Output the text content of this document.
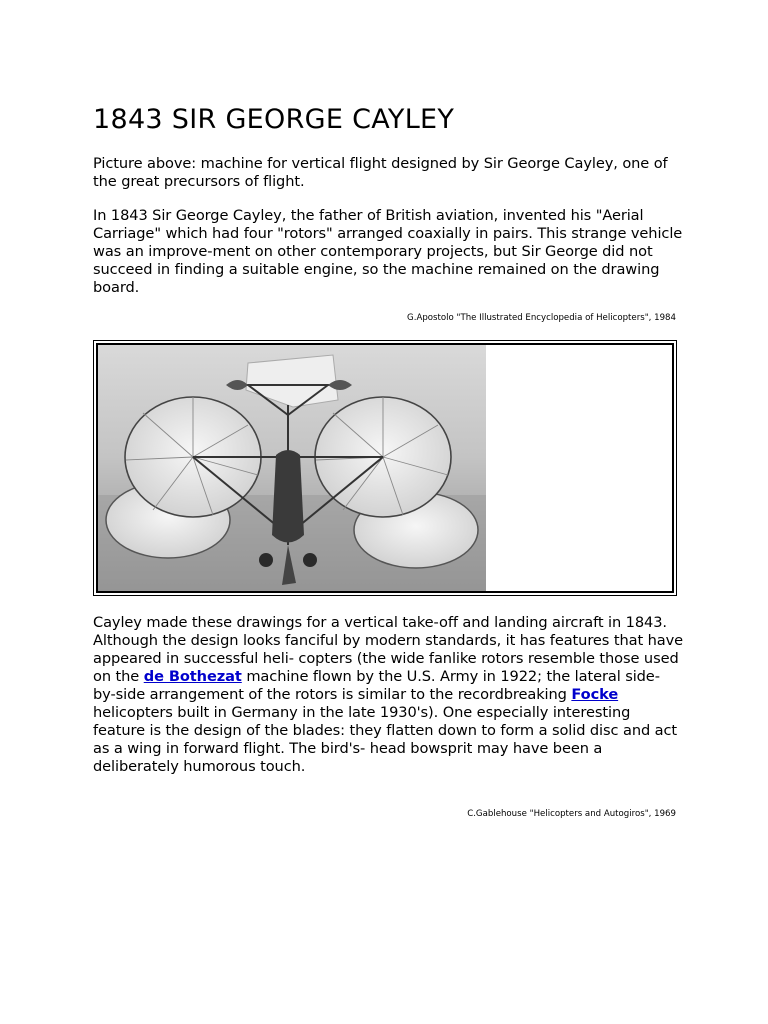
1843 SIR GEORGE CAYLEY

Picture above: machine for vertical flight designed by Sir George Cayley, one of the great precursors of flight.

In 1843 Sir George Cayley, the father of British aviation, invented his "Aerial Carriage" which had four "rotors" arranged coaxially in pairs. This strange vehicle was an improve-ment on other contemporary projects, but Sir George did not succeed in finding a suitable engine, so the machine remained on the drawing board.

G.Apostolo "The Illustrated Encyclopedia of Helicopters", 1984

Cayley made these drawings for a vertical take-off and landing aircraft in 1843. Although the design looks fanciful by modern standards, it has features that have appeared in successful heli- copters (the wide fanlike rotors resemble those used on the de Bothezat machine flown by the U.S. Army in 1922; the lateral side- by-side arrangement of the rotors is similar to the recordbreaking Focke helicopters built in Germany in the late 1930's). One especially interesting feature is the design of the blades: they flatten down to form a solid disc and act as a wing in forward flight. The bird's- head bowsprit may have been a deliberately humorous touch.

C.Gablehouse "Helicopters and Autogiros", 1969
